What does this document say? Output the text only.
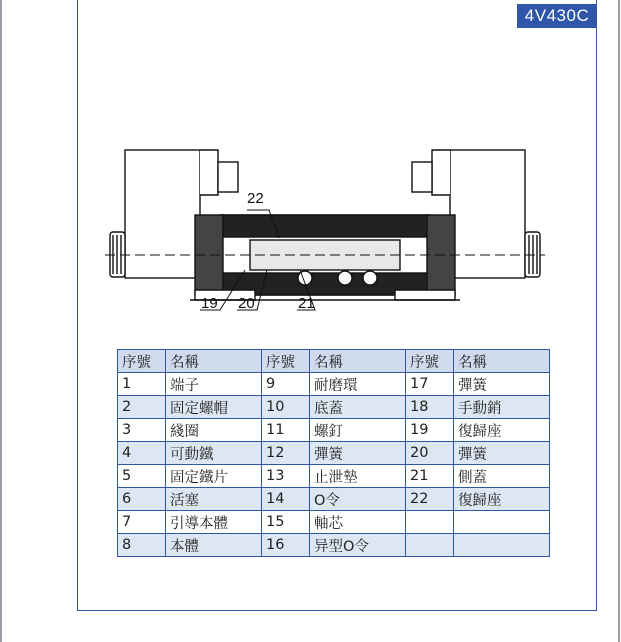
4V430C
22
19 20	21
序號	名稱	序號	名稱	序號	名稱
1	端子	9	耐磨環	17	彈簧
2	固定螺帽	10	底蓋	18	手動銷
3	綫圈	11	螺釘	19	復歸座
4	可動鐵	12	彈簧	20	彈簧
5	固定鐵片	13	止泄墊	21	側蓋
6	活塞	14	O令	22	復歸座
7	引導本體	15	軸芯		
8	本體	16	异型O令		
